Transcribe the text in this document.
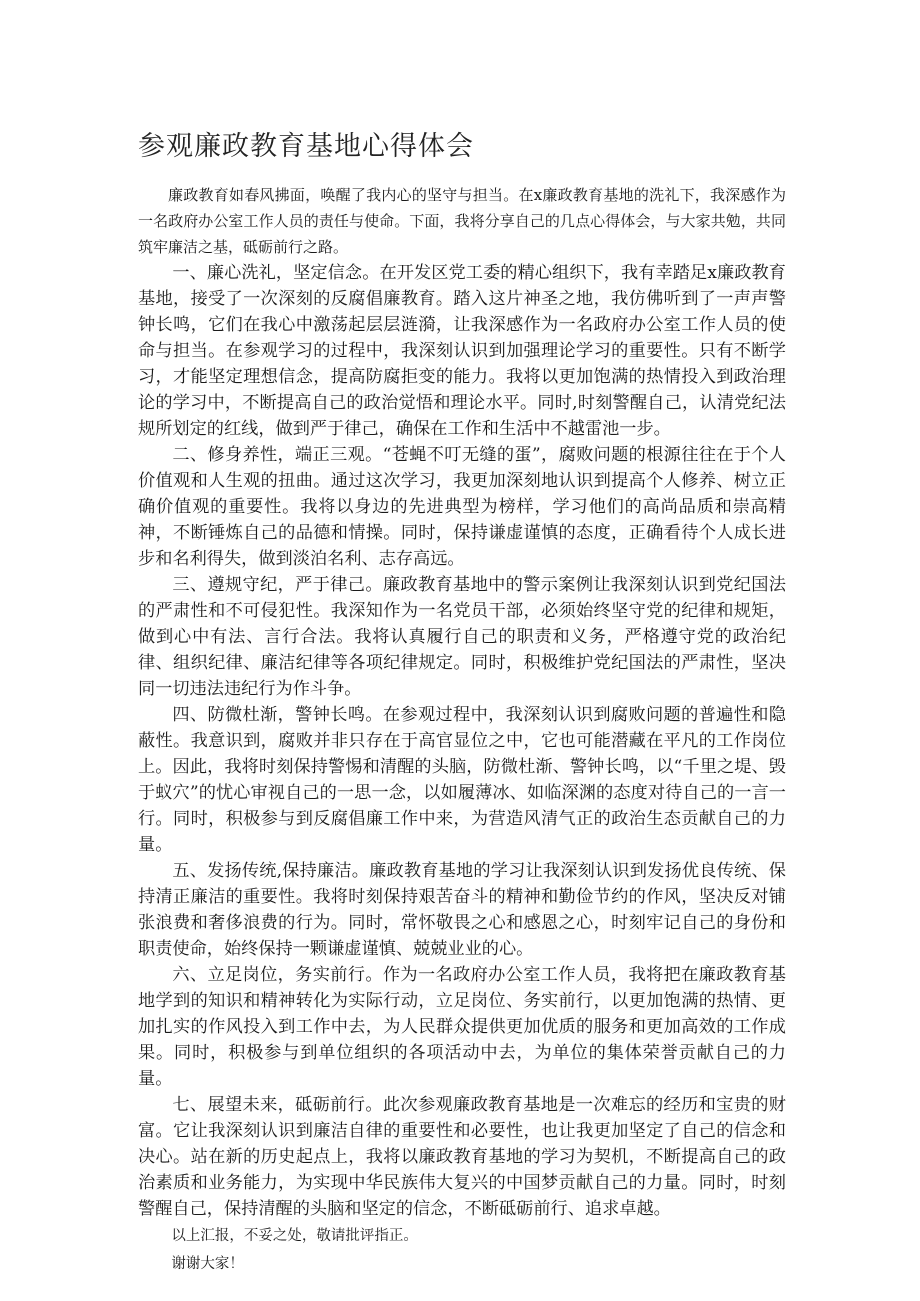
参观廉政教育基地心得体会

廉政教育如春风拂面，唤醒了我内心的坚守与担当。在x廉政教育基地的洗礼下，我深感作为一名政府办公室工作人员的责任与使命。下面，我将分享自己的几点心得体会，与大家共勉，共同筑牢廉洁之基，砥砺前行之路。

一、廉心洗礼，坚定信念。在开发区党工委的精心组织下，我有幸踏足x廉政教育基地，接受了一次深刻的反腐倡廉教育。踏入这片神圣之地，我仿佛听到了一声声警钟长鸣，它们在我心中激荡起层层涟漪，让我深感作为一名政府办公室工作人员的使命与担当。在参观学习的过程中，我深刻认识到加强理论学习的重要性。只有不断学习，才能坚定理想信念，提高防腐拒变的能力。我将以更加饱满的热情投入到政治理论的学习中，不断提高自己的政治觉悟和理论水平。同时,时刻警醒自己，认清党纪法规所划定的红线，做到严于律己，确保在工作和生活中不越雷池一步。

二、修身养性，端正三观。“苍蝇不叮无缝的蛋”，腐败问题的根源往往在于个人价值观和人生观的扭曲。通过这次学习，我更加深刻地认识到提高个人修养、树立正确价值观的重要性。我将以身边的先进典型为榜样，学习他们的高尚品质和崇高精神，不断锤炼自己的品德和情操。同时，保持谦虚谨慎的态度，正确看待个人成长进步和名利得失，做到淡泊名利、志存高远。

三、遵规守纪，严于律己。廉政教育基地中的警示案例让我深刻认识到党纪国法的严肃性和不可侵犯性。我深知作为一名党员干部，必须始终坚守党的纪律和规矩，做到心中有法、言行合法。我将认真履行自己的职责和义务，严格遵守党的政治纪律、组织纪律、廉洁纪律等各项纪律规定。同时，积极维护党纪国法的严肃性，坚决同一切违法违纪行为作斗争。

四、防微杜渐，警钟长鸣。在参观过程中，我深刻认识到腐败问题的普遍性和隐蔽性。我意识到，腐败并非只存在于高官显位之中，它也可能潜藏在平凡的工作岗位上。因此，我将时刻保持警惕和清醒的头脑，防微杜渐、警钟长鸣，以“千里之堤、毁于蚁穴”的忧心审视自己的一思一念，以如履薄冰、如临深渊的态度对待自己的一言一行。同时，积极参与到反腐倡廉工作中来，为营造风清气正的政治生态贡献自己的力量。

五、发扬传统,保持廉洁。廉政教育基地的学习让我深刻认识到发扬优良传统、保持清正廉洁的重要性。我将时刻保持艰苦奋斗的精神和勤俭节约的作风，坚决反对铺张浪费和奢侈浪费的行为。同时，常怀敬畏之心和感恩之心，时刻牢记自己的身份和职责使命，始终保持一颗谦虚谨慎、兢兢业业的心。

六、立足岗位，务实前行。作为一名政府办公室工作人员，我将把在廉政教育基地学到的知识和精神转化为实际行动，立足岗位、务实前行，以更加饱满的热情、更加扎实的作风投入到工作中去，为人民群众提供更加优质的服务和更加高效的工作成果。同时，积极参与到单位组织的各项活动中去，为单位的集体荣誉贡献自己的力量。

七、展望未来，砥砺前行。此次参观廉政教育基地是一次难忘的经历和宝贵的财富。它让我深刻认识到廉洁自律的重要性和必要性，也让我更加坚定了自己的信念和决心。站在新的历史起点上，我将以廉政教育基地的学习为契机，不断提高自己的政治素质和业务能力，为实现中华民族伟大复兴的中国梦贡献自己的力量。同时，时刻警醒自己，保持清醒的头脑和坚定的信念，不断砥砺前行、追求卓越。

以上汇报，不妥之处，敬请批评指正。

谢谢大家！
